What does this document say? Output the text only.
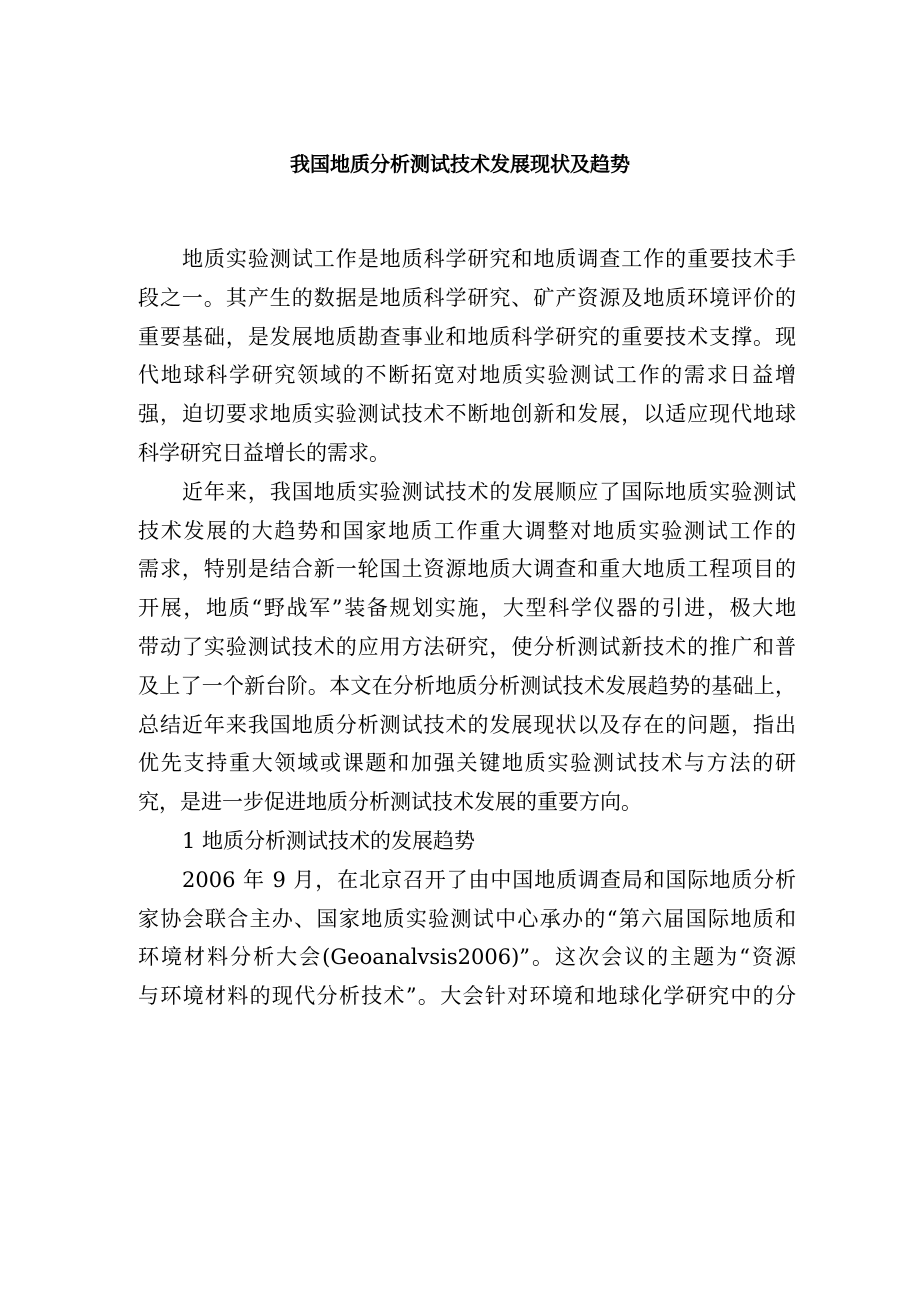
我国地质分析测试技术发展现状及趋势
地质实验测试工作是地质科学研究和地质调查工作的重要技术手
段之一。其产生的数据是地质科学研究、矿产资源及地质环境评价的
重要基础，是发展地质勘查事业和地质科学研究的重要技术支撑。现
代地球科学研究领域的不断拓宽对地质实验测试工作的需求日益增
强，迫切要求地质实验测试技术不断地创新和发展，以适应现代地球
科学研究日益增长的需求。
近年来，我国地质实验测试技术的发展顺应了国际地质实验测试
技术发展的大趋势和国家地质工作重大调整对地质实验测试工作的
需求，特别是结合新一轮国土资源地质大调查和重大地质工程项目的
开展，地质“野战军”装备规划实施，大型科学仪器的引进，极大地
带动了实验测试技术的应用方法研究，使分析测试新技术的推广和普
及上了一个新台阶。本文在分析地质分析测试技术发展趋势的基础上，
总结近年来我国地质分析测试技术的发展现状以及存在的问题，指出
优先支持重大领域或课题和加强关键地质实验测试技术与方法的研
究，是进一步促进地质分析测试技术发展的重要方向。
1 地质分析测试技术的发展趋势
2006 年 9 月，在北京召开了由中国地质调查局和国际地质分析
家协会联合主办、国家地质实验测试中心承办的“第六届国际地质和
环境材料分析大会(Geoanalvsis2006)”。这次会议的主题为“资源
与环境材料的现代分析技术”。大会针对环境和地球化学研究中的分
